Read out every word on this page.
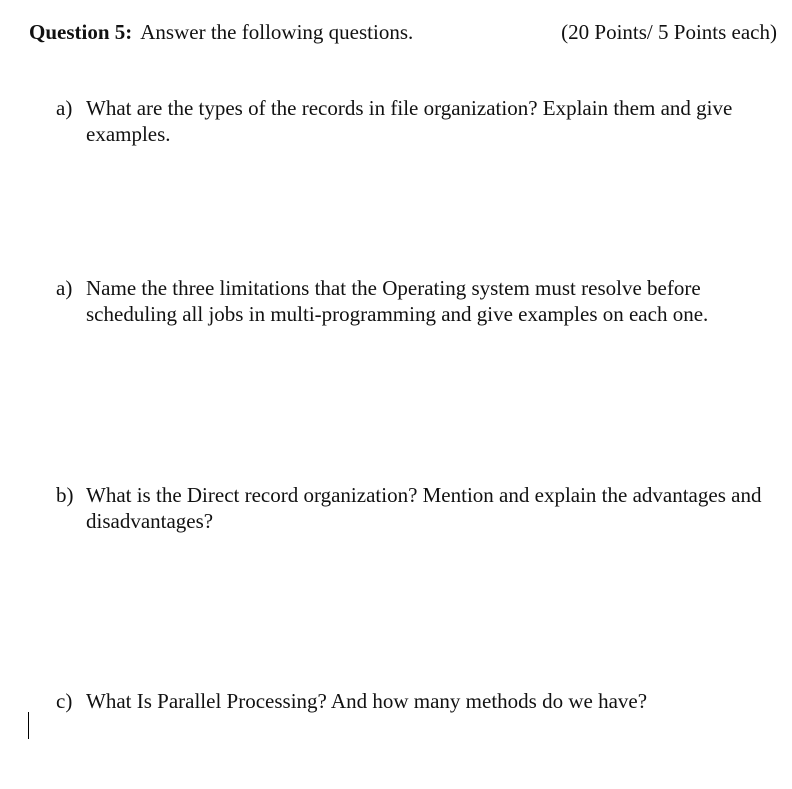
Question 5: Answer the following questions.	(20 Points/ 5 Points each)
a) What are the types of the records in file organization? Explain them and give examples.
a) Name the three limitations that the Operating system must resolve before scheduling all jobs in multi-programming and give examples on each one.
b) What is the Direct record organization? Mention and explain the advantages and disadvantages?
c) What Is Parallel Processing? And how many methods do we have?
